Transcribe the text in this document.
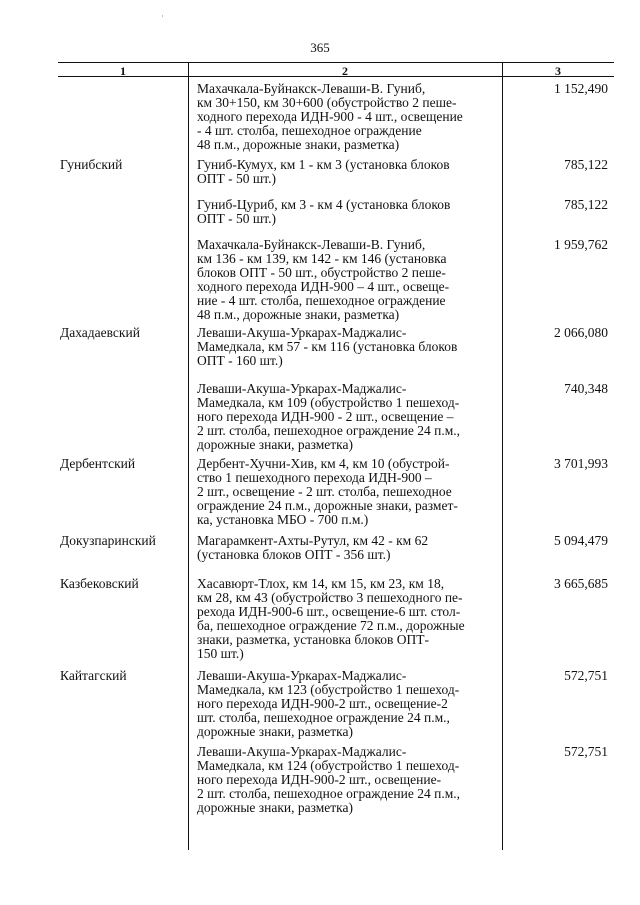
ʿ
365
1	2	3
Махачкала-Буйнакск-Леваши-В. Гуниб,
км 30+150, км 30+600 (обустройство 2 пеше-
ходного перехода ИДН-900 - 4 шт., освещение
- 4 шт. столба, пешеходное ограждение
48 п.м., дорожные знаки, разметка)
1 152,490
Гунибский	Гуниб-Кумух, км 1 - км 3 (установка блоков
ОПТ - 50 шт.)
785,122
Гуниб-Цуриб, км 3 - км 4 (установка блоков
ОПТ - 50 шт.)
785,122
Махачкала-Буйнакск-Леваши-В. Гуниб,
км 136 - км 139, км 142 - км 146 (установка
блоков ОПТ - 50 шт., обустройство 2 пеше-
ходного перехода ИДН-900 – 4 шт., освеще-
ние - 4 шт. столба, пешеходное ограждение
48 п.м., дорожные знаки, разметка)
1 959,762
Дахадаевский	Леваши-Акуша-Уркарах-Маджалис-
Мамедкала, км 57 - км 116 (установка блоков
ОПТ - 160 шт.)
2 066,080
Леваши-Акуша-Уркарах-Маджалис-
Мамедкала, км 109 (обустройство 1 пешеход-
ного перехода ИДН-900 - 2 шт., освещение –
2 шт. столба, пешеходное ограждение 24 п.м.,
дорожные знаки, разметка)
740,348
Дербентский	Дербент-Хучни-Хив, км 4, км 10 (обустрой-
ство 1 пешеходного перехода ИДН-900 –
2 шт., освещение - 2 шт. столба, пешеходное
ограждение 24 п.м., дорожные знаки, размет-
ка, установка МБО - 700 п.м.)
3 701,993
Докузпаринский	Магарамкент-Ахты-Рутул, км 42 - км 62
(установка блоков ОПТ - 356 шт.)
5 094,479
Казбековский	Хасавюрт-Тлох, км 14, км 15, км 23, км 18,
км 28, км 43 (обустройство 3 пешеходного пе-
рехода ИДН-900-6 шт., освещение-6 шт. стол-
ба, пешеходное ограждение 72 п.м., дорожные
знаки, разметка, установка блоков ОПТ-
150 шт.)
3 665,685
Кайтагский	Леваши-Акуша-Уркарах-Маджалис-
Мамедкала, км 123 (обустройство 1 пешеход-
ного перехода ИДН-900-2 шт., освещение-2
шт. столба, пешеходное ограждение 24 п.м.,
дорожные знаки, разметка)
572,751
Леваши-Акуша-Уркарах-Маджалис-
Мамедкала, км 124 (обустройство 1 пешеход-
ного перехода ИДН-900-2 шт., освещение-
2 шт. столба, пешеходное ограждение 24 п.м.,
дорожные знаки, разметка)
572,751
